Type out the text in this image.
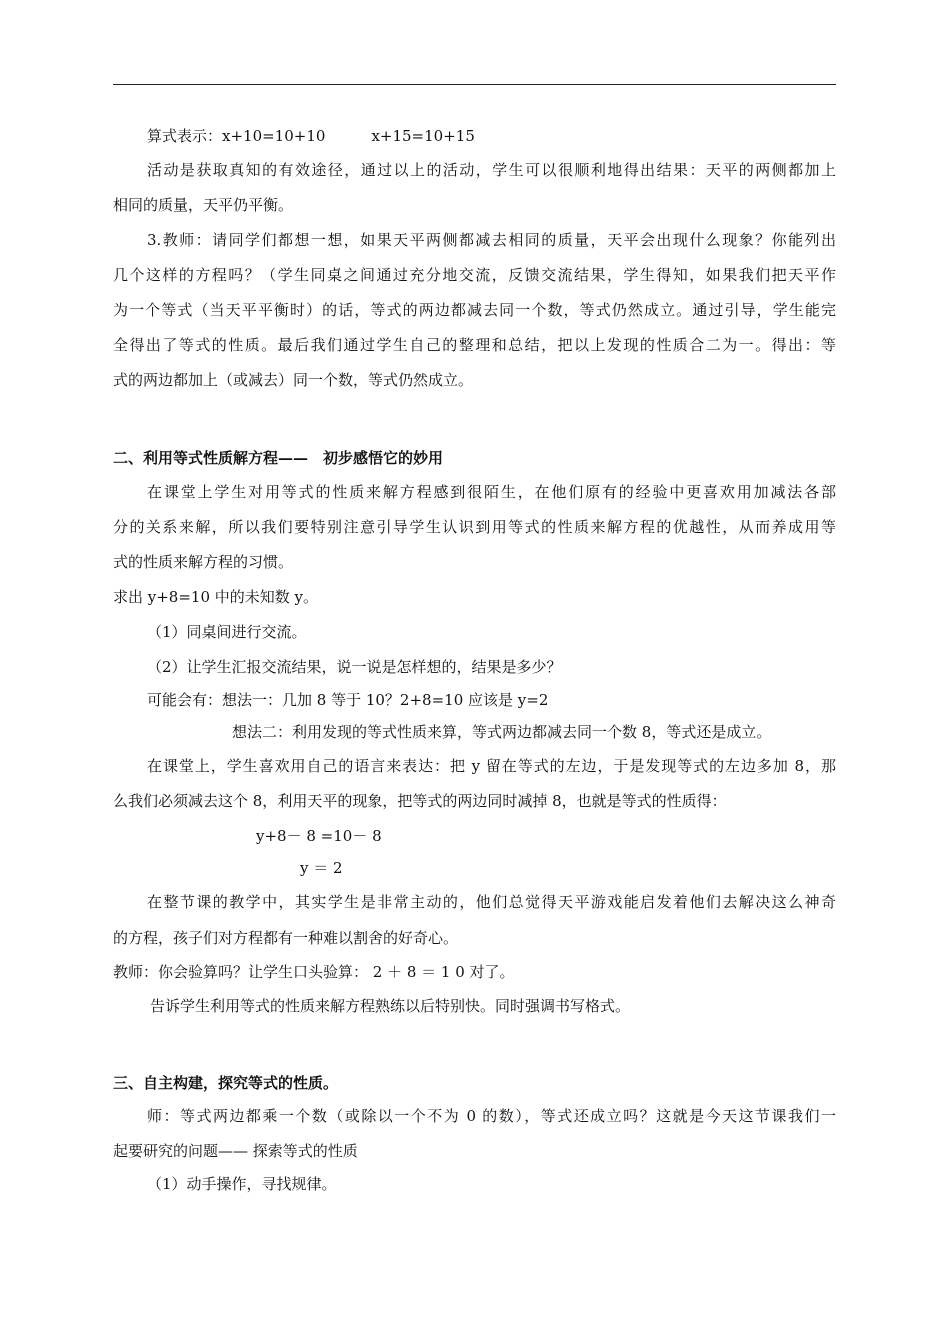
算式表示：x+10=10+10	x+15=10+15
活动是获取真知的有效途径，通过以上的活动，学生可以很顺利地得出结果：天平的两侧都加上
相同的质量，天平仍平衡。
3.教师：请同学们都想一想，如果天平两侧都减去相同的质量，天平会出现什么现象？你能列出
几个这样的方程吗？（学生同桌之间通过充分地交流，反馈交流结果，学生得知，如果我们把天平作
为一个等式（当天平平衡时）的话，等式的两边都减去同一个数，等式仍然成立。通过引导，学生能完
全得出了等式的性质。最后我们通过学生自己的整理和总结，把以上发现的性质合二为一。得出：等
式的两边都加上（或减去）同一个数，等式仍然成立。
二、利用等式性质解方程——　初步感悟它的妙用
在课堂上学生对用等式的性质来解方程感到很陌生，在他们原有的经验中更喜欢用加减法各部
分的关系来解，所以我们要特别注意引导学生认识到用等式的性质来解方程的优越性，从而养成用等
式的性质来解方程的习惯。
求出 y+8=10 中的未知数 y。
（1）同桌间进行交流。
（2）让学生汇报交流结果，说一说是怎样想的，结果是多少？
可能会有：想法一：几加 8 等于 10？2+8=10 应该是 y=2
想法二：利用发现的等式性质来算，等式两边都减去同一个数 8，等式还是成立。
在课堂上，学生喜欢用自己的语言来表达：把 y 留在等式的左边，于是发现等式的左边多加 8，那
么我们必须减去这个 8，利用天平的现象，把等式的两边同时减掉 8，也就是等式的性质得：
y+8－ 8 =10－ 8
y ＝ 2
在整节课的教学中，其实学生是非常主动的，他们总觉得天平游戏能启发着他们去解决这么神奇
的方程，孩子们对方程都有一种难以割舍的好奇心。
教师：你会验算吗？让学生口头验算： 2 ＋ 8 ＝ 1 0 对了。
告诉学生利用等式的性质来解方程熟练以后特别快。同时强调书写格式。
三、自主构建，探究等式的性质。
师：等式两边都乘一个数（或除以一个不为 0 的数），等式还成立吗？这就是今天这节课我们一
起要研究的问题—— 探索等式的性质
（1）动手操作，寻找规律。
